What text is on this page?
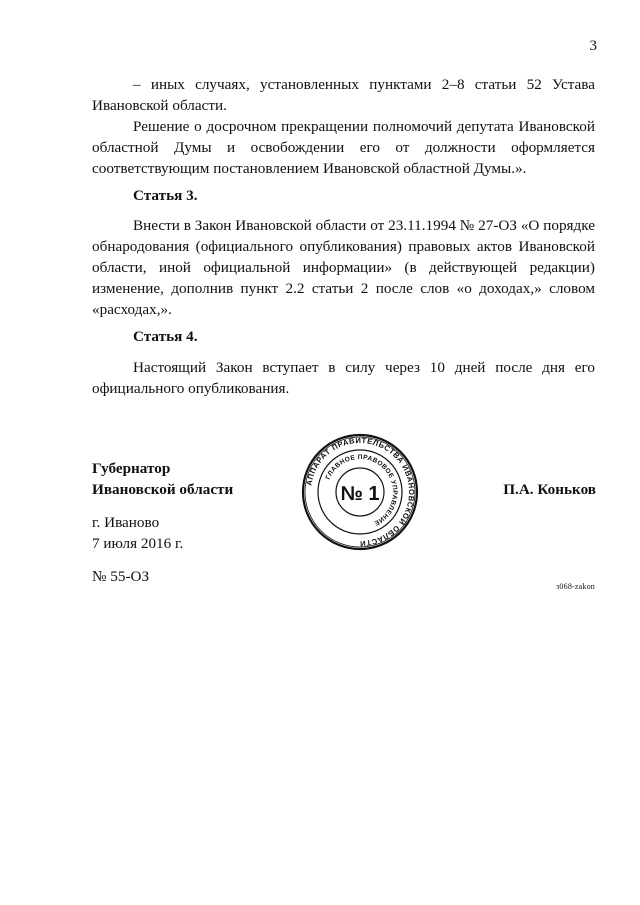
3
– иных случаях, установленных пунктами 2–8 статьи 52 Устава
Ивановской области.
Решение о досрочном прекращении полномочий депутата Ивановской
областной Думы и освобождении его от должности оформляется
соответствующим постановлением Ивановской областной Думы.».
Статья 3.
Внести в Закон Ивановской области от 23.11.1994 № 27-ОЗ «О порядке
обнародования (официального опубликования) правовых актов Ивановской
области, иной официальной информации» (в действующей редакции)
изменение, дополнив пункт 2.2 статьи 2 после слов «о доходах,» словом
«расходах,».
Статья 4.
Настоящий Закон вступает в силу через 10 дней после дня его
официального опубликования.
Губернатор
Ивановской области	П.А. Коньков
г. Иваново
7 июля 2016 г.
№ 55-ОЗ
з068-zakon
АППАРАТ ПРАВИТЕЛЬСТВА ИВАНОВСКОЙ ОБЛАСТИ
ГЛАВНОЕ ПРАВОВОЕ УПРАВЛЕНИЕ
№ 1
